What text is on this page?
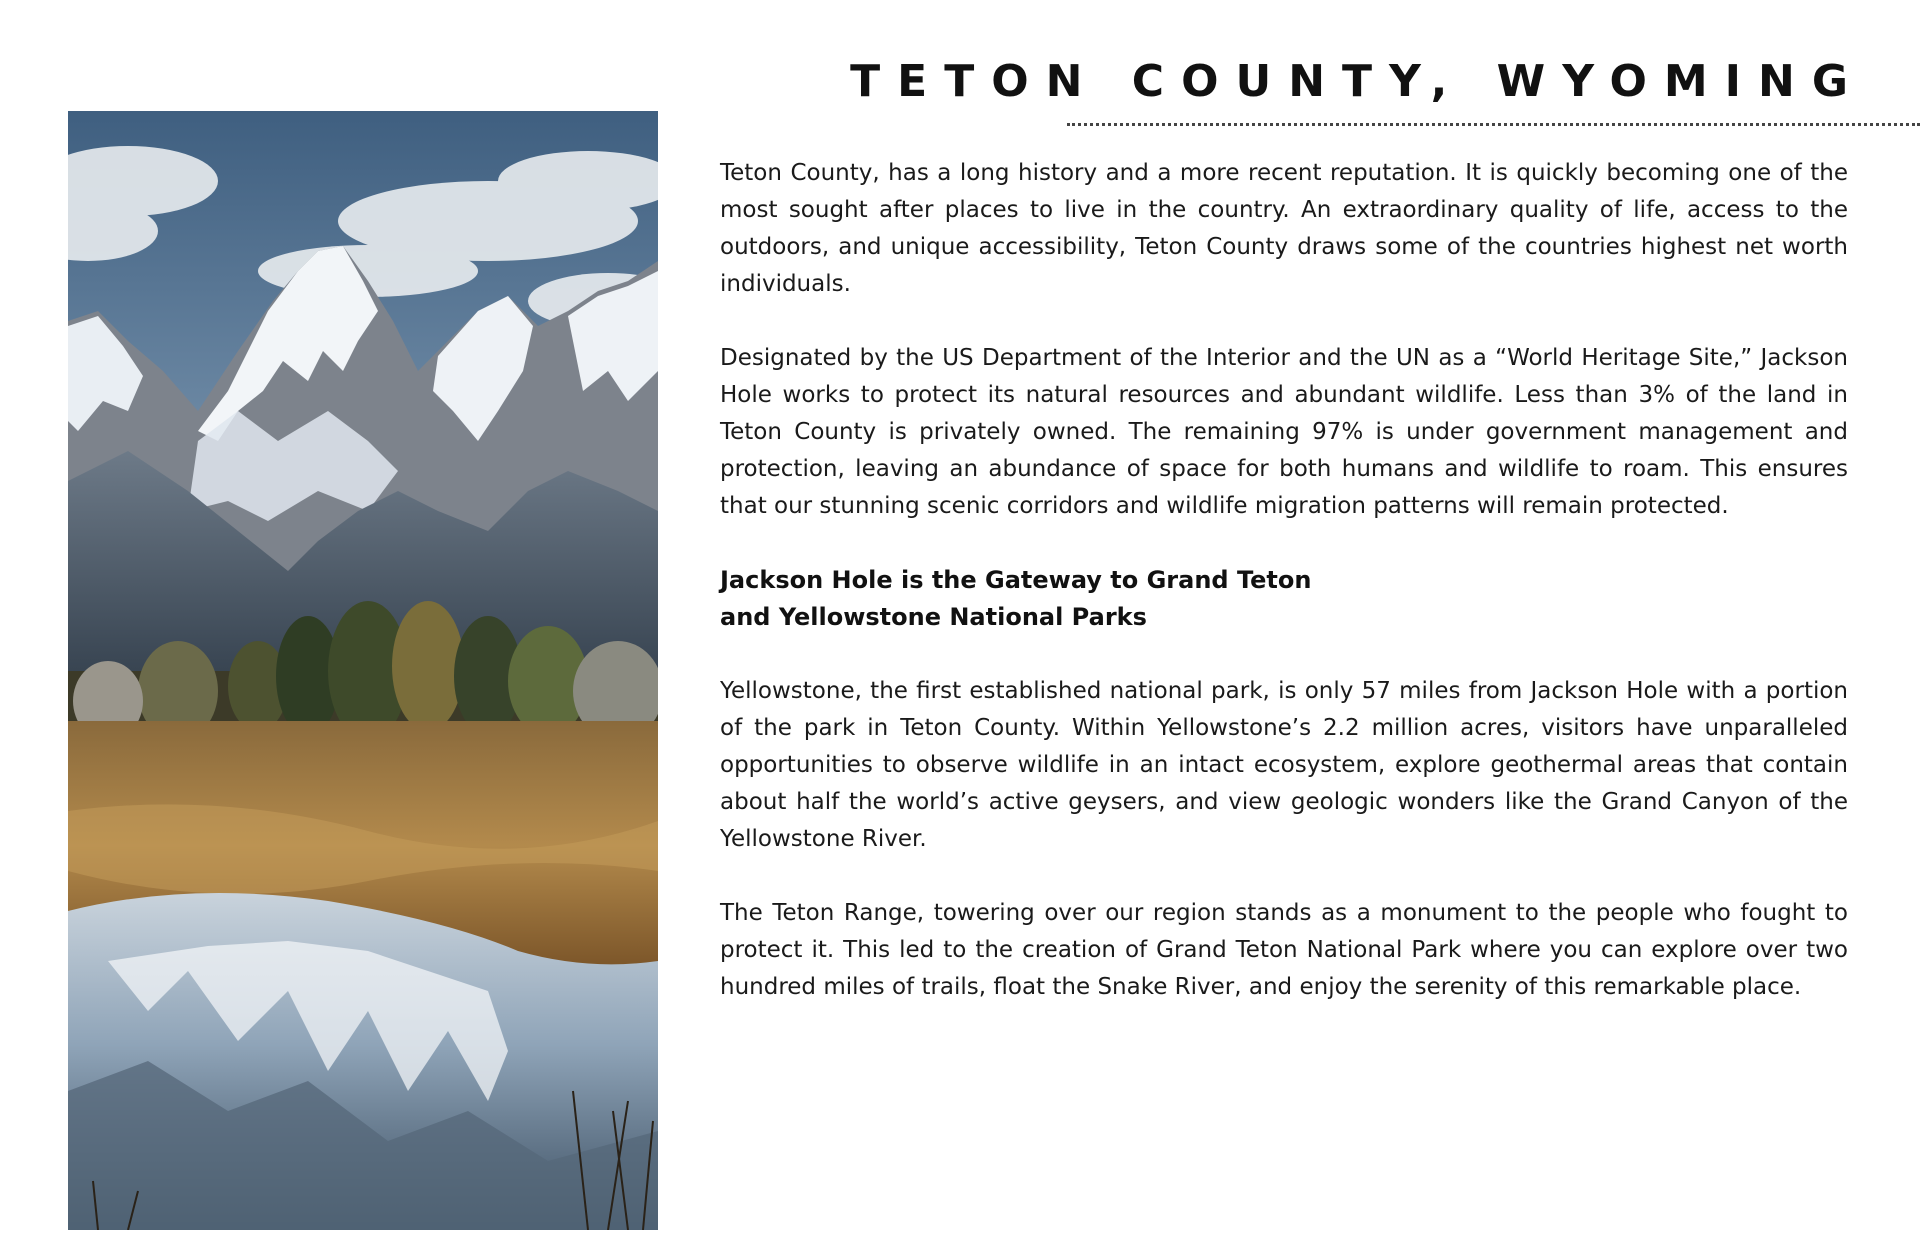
TETON COUNTY, WYOMING

Teton County, has a long history and a more recent reputation. It is quickly becoming one of the most sought after places to live in the country. An extraordinary quality of life, access to the outdoors, and unique accessibility, Teton County draws some of the countries highest net worth individuals.

Designated by the US Department of the Interior and the UN as a “World Heritage Site,” Jackson Hole works to protect its natural resources and abundant wildlife. Less than 3% of the land in Teton County is privately owned. The remaining 97% is under government management and protection, leaving an abundance of space for both humans and wildlife to roam. This ensures that our stunning scenic corridors and wildlife migration patterns will remain protected.

Jackson Hole is the Gateway to Grand Teton and Yellowstone National Parks

Yellowstone, the first established national park, is only 57 miles from Jackson Hole with a portion of the park in Teton County. Within Yellowstone’s 2.2 million acres, visitors have unparalleled opportunities to observe wildlife in an intact ecosystem, explore geothermal areas that contain about half the world’s active geysers, and view geologic wonders like the Grand Canyon of the Yellowstone River.

The Teton Range, towering over our region stands as a monument to the people who fought to protect it. This led to the creation of Grand Teton National Park where you can explore over two hundred miles of trails, float the Snake River, and enjoy the serenity of this remarkable place.
